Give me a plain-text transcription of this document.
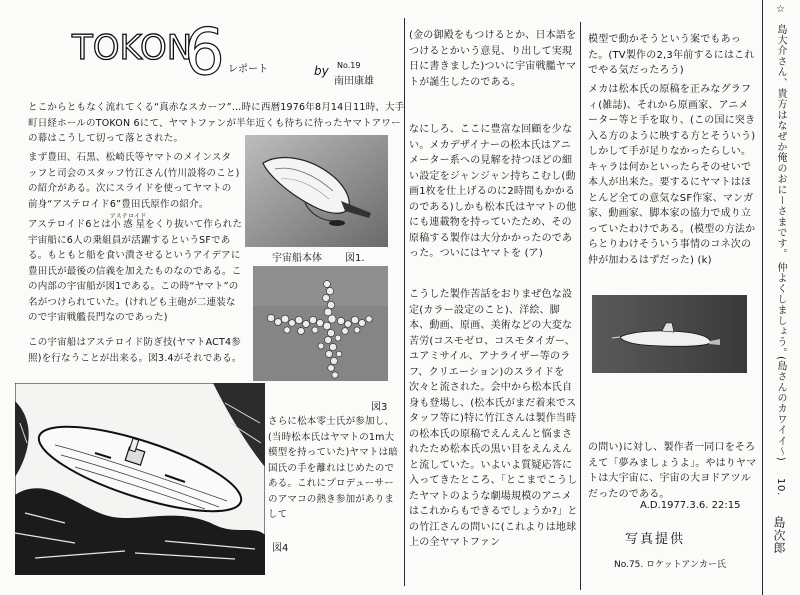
TOKON
6 レポート	by No.19
南田康雄
とこからともなく流れてくる“真赤なスカーフ”…時に西暦1976年8月14日11時、大手町日経ホールのTOKON 6にて、ヤマトファンが半年近くも待ちに待ったヤマトアワーの幕はこうして切って落とされた。
まず豊田、石黒、松崎氏等ヤマトのメインスタッフと司会のスタッフ竹江さん(竹川設将のこと)の紹介がある。次にスライドを使ってヤマトの前身“アステロイド6”豊田氏原作の紹介。
アステロイド6とは小惑星アステロイドをくり抜いて作られた宇宙船に6人の乗組員が活躍するというSFである。もともと船を食い潰させるというアイデアに豊田氏が最後の信義を加えたものなのである。この内部の宇宙船が図1である。この時“ヤマト”の名がつけられていた。(けれども主砲が二連装なので宇宙戦艦長門なのであった)
この宇宙船はアステロイド防ぎ技(ヤマトACT4参照)を行なうことが出来る。図3.4がそれである。
宇宙船本体 図1.
図3
さらに松本零士氏が参加し、(当時松本氏はヤマトの1m大模型を持っていた)ヤマトは暗国氏の手を離れはじめたのである。これにプロデューサーのアマコの熱き参加がありまして
図4
(金の御殿をもつけるとか、日本語をつけるとかいう意見、り出して実現日に書きました)ついに宇宙戦艦ヤマトが誕生したのである。
なにしろ、ここに豊富な回顧を少ない。メカデザイナーの松本氏はアニメーター系への見解を持つほどの細い設定をジャンジャン持ちこむし(動画1枚を仕上げるのに2時間もかかるのである)しかも松本氏はヤマトの他にも連載物を持っていたため、その原稿する製作は大分かかったのであった。ついにはヤマトを (ア)
こうした製作苦話をおりまぜ色な設定(カラー設定のこと)、洋絵、脚本、動画、原画、美術などの大変な苦労(コスモゼロ、コスモタイガー、ユアミサイル、アナライザー等のラフ、クリエーション)のスライドを次々と流された。会中から松本氏自身も登場し、(松本氏がまだ着来でスタッフ等に)特に竹江さんは製作当時の松本氏の原稿でえんえんと悩まされたため松本氏の黒い目をえんえんと流していた。いよいよ質疑応答に入ってきたところ、「とこまでこうしたヤマトのような劇場規模のアニメはこれからもできるでしょうか?」との竹江さんの問いに(これよりは地球上の全ヤマトファン
模型で動かそうという案でもあった。(TV製作の2,3年前するにはこれでやる気だったろう)
メカは松本氏の原稿を正みなグラフィ(雑誌)、それから原画家、アニメーター等と手を取り、(この国に突き入る方のように映する方とそういう)しかして手が足りなかったらしい。キャラは何かといったらそのせいで本人が出来た。要するにヤマトはほとんど全ての意気なSF作家、マンガ家、動画家、脚本家の協力で成り立っていたわけである。(模型の方法からとりわけそういう事情のコネ次の仲が加わるはずだった) (k)
の問い)に対し、製作者一同口をそろえて「夢みましょうよ」。やはりヤマトは大宇宙に、宇宙の大ヨドアツルだったのである。
A.D.1977.3.6. 22:15
写真提供
No.75. ロケットアンカー氏
☆
島大介さん、貴方はなぜか俺のおにーさまです。
仲よくしましょう。
(島さんのカワイイ〜)
10.
島次郎
